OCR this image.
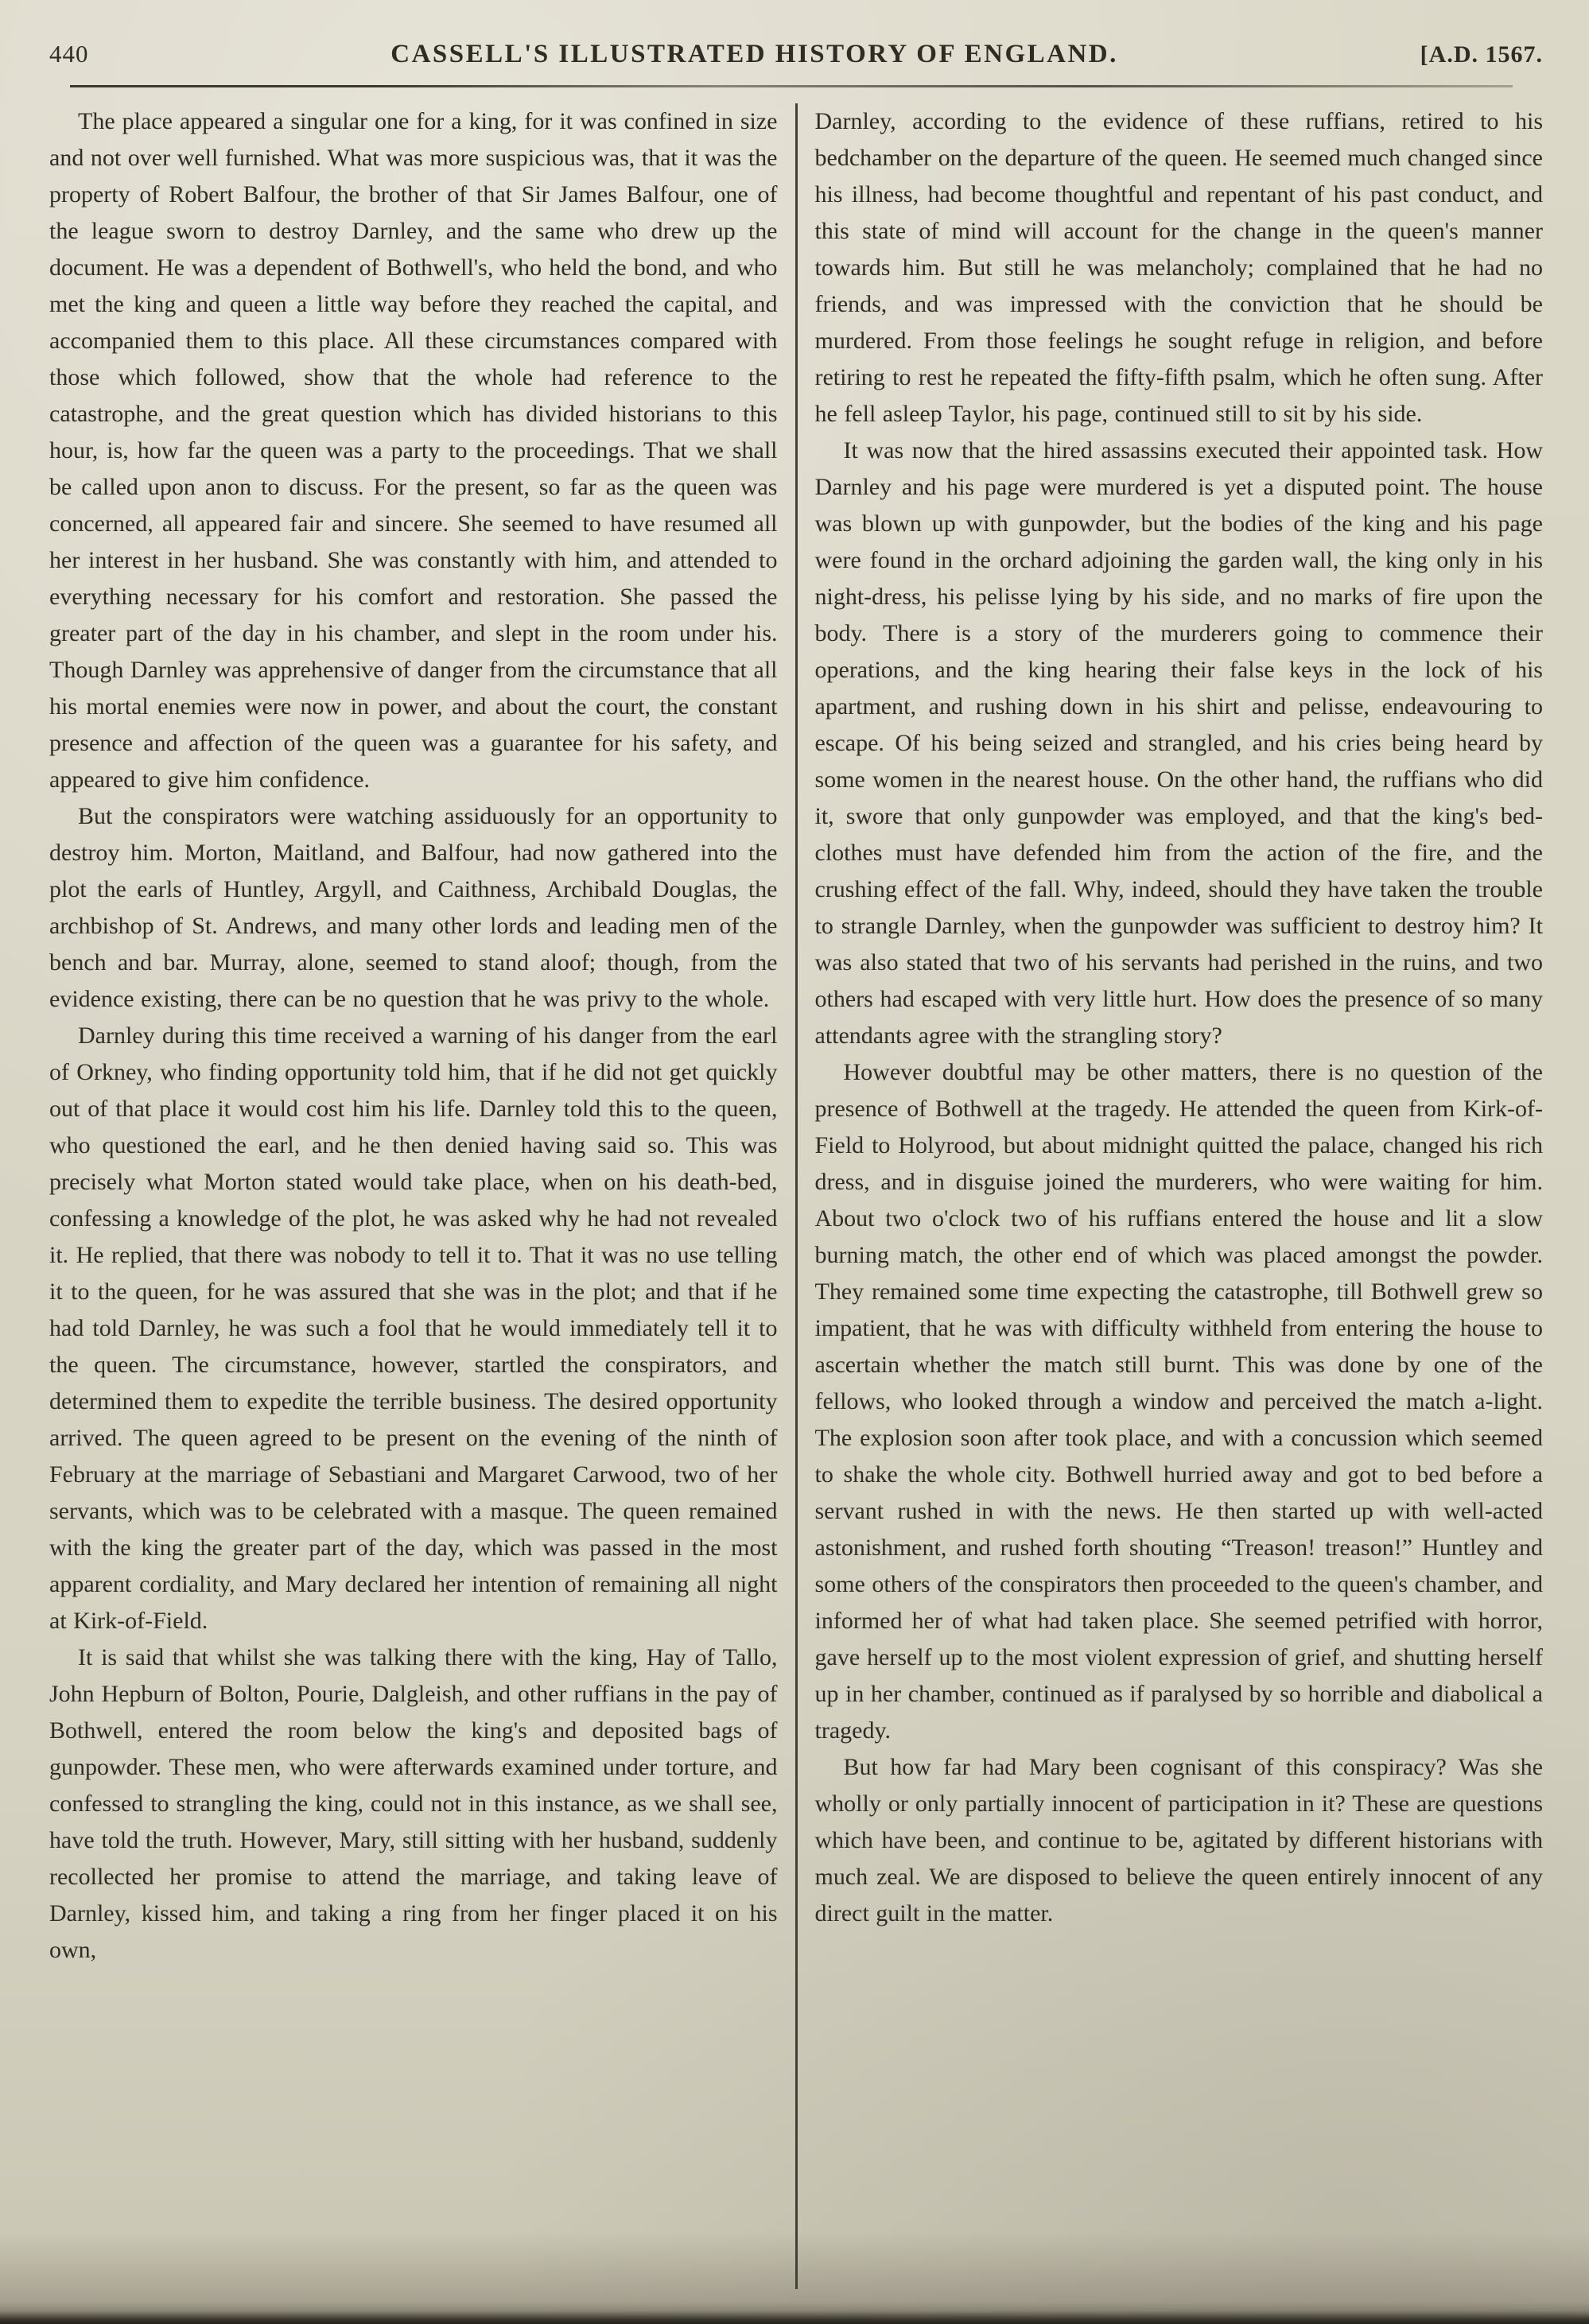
440	CASSELL'S ILLUSTRATED HISTORY OF ENGLAND.	[A.D. 1567.

The place appeared a singular one for a king, for it was confined in size and not over well furnished. What was more suspicious was, that it was the property of Robert Balfour, the brother of that Sir James Balfour, one of the league sworn to destroy Darnley, and the same who drew up the document. He was a dependent of Bothwell's, who held the bond, and who met the king and queen a little way before they reached the capital, and accompanied them to this place. All these circumstances compared with those which followed, show that the whole had reference to the catastrophe, and the great question which has divided historians to this hour, is, how far the queen was a party to the proceedings. That we shall be called upon anon to discuss. For the present, so far as the queen was concerned, all appeared fair and sincere. She seemed to have resumed all her interest in her husband. She was constantly with him, and attended to everything necessary for his comfort and restoration. She passed the greater part of the day in his chamber, and slept in the room under his. Though Darnley was apprehensive of danger from the circumstance that all his mortal enemies were now in power, and about the court, the constant presence and affection of the queen was a guarantee for his safety, and appeared to give him confidence.

But the conspirators were watching assiduously for an opportunity to destroy him. Morton, Maitland, and Balfour, had now gathered into the plot the earls of Huntley, Argyll, and Caithness, Archibald Douglas, the archbishop of St. Andrews, and many other lords and leading men of the bench and bar. Murray, alone, seemed to stand aloof; though, from the evidence existing, there can be no question that he was privy to the whole.

Darnley during this time received a warning of his danger from the earl of Orkney, who finding opportunity told him, that if he did not get quickly out of that place it would cost him his life. Darnley told this to the queen, who questioned the earl, and he then denied having said so. This was precisely what Morton stated would take place, when on his death-bed, confessing a knowledge of the plot, he was asked why he had not revealed it. He replied, that there was nobody to tell it to. That it was no use telling it to the queen, for he was assured that she was in the plot; and that if he had told Darnley, he was such a fool that he would immediately tell it to the queen. The circumstance, however, startled the conspirators, and determined them to expedite the terrible business. The desired opportunity arrived. The queen agreed to be present on the evening of the ninth of February at the marriage of Sebastiani and Margaret Carwood, two of her servants, which was to be celebrated with a masque. The queen remained with the king the greater part of the day, which was passed in the most apparent cordiality, and Mary declared her intention of remaining all night at Kirk-of-Field.

It is said that whilst she was talking there with the king, Hay of Tallo, John Hepburn of Bolton, Pourie, Dalgleish, and other ruffians in the pay of Bothwell, entered the room below the king's and deposited bags of gunpowder. These men, who were afterwards examined under torture, and confessed to strangling the king, could not in this instance, as we shall see, have told the truth. However, Mary, still sitting with her husband, suddenly recollected her promise to attend the marriage, and taking leave of Darnley, kissed him, and taking a ring from her finger placed it on his own,

Darnley, according to the evidence of these ruffians, retired to his bedchamber on the departure of the queen. He seemed much changed since his illness, had become thoughtful and repentant of his past conduct, and this state of mind will account for the change in the queen's manner towards him. But still he was melancholy; complained that he had no friends, and was impressed with the conviction that he should be murdered. From those feelings he sought refuge in religion, and before retiring to rest he repeated the fifty-fifth psalm, which he often sung. After he fell asleep Taylor, his page, continued still to sit by his side.

It was now that the hired assassins executed their appointed task. How Darnley and his page were murdered is yet a disputed point. The house was blown up with gunpowder, but the bodies of the king and his page were found in the orchard adjoining the garden wall, the king only in his night-dress, his pelisse lying by his side, and no marks of fire upon the body. There is a story of the murderers going to commence their operations, and the king hearing their false keys in the lock of his apartment, and rushing down in his shirt and pelisse, endeavouring to escape. Of his being seized and strangled, and his cries being heard by some women in the nearest house. On the other hand, the ruffians who did it, swore that only gunpowder was employed, and that the king's bed-clothes must have defended him from the action of the fire, and the crushing effect of the fall. Why, indeed, should they have taken the trouble to strangle Darnley, when the gunpowder was sufficient to destroy him? It was also stated that two of his servants had perished in the ruins, and two others had escaped with very little hurt. How does the presence of so many attendants agree with the strangling story?

However doubtful may be other matters, there is no question of the presence of Bothwell at the tragedy. He attended the queen from Kirk-of-Field to Holyrood, but about midnight quitted the palace, changed his rich dress, and in disguise joined the murderers, who were waiting for him. About two o'clock two of his ruffians entered the house and lit a slow burning match, the other end of which was placed amongst the powder. They remained some time expecting the catastrophe, till Bothwell grew so impatient, that he was with difficulty withheld from entering the house to ascertain whether the match still burnt. This was done by one of the fellows, who looked through a window and perceived the match a-light. The explosion soon after took place, and with a concussion which seemed to shake the whole city. Bothwell hurried away and got to bed before a servant rushed in with the news. He then started up with well-acted astonishment, and rushed forth shouting “Treason! treason!” Huntley and some others of the conspirators then proceeded to the queen's chamber, and informed her of what had taken place. She seemed petrified with horror, gave herself up to the most violent expression of grief, and shutting herself up in her chamber, continued as if paralysed by so horrible and diabolical a tragedy.

But how far had Mary been cognisant of this conspiracy? Was she wholly or only partially innocent of participation in it? These are questions which have been, and continue to be, agitated by different historians with much zeal. We are disposed to believe the queen entirely innocent of any direct guilt in the matter.
